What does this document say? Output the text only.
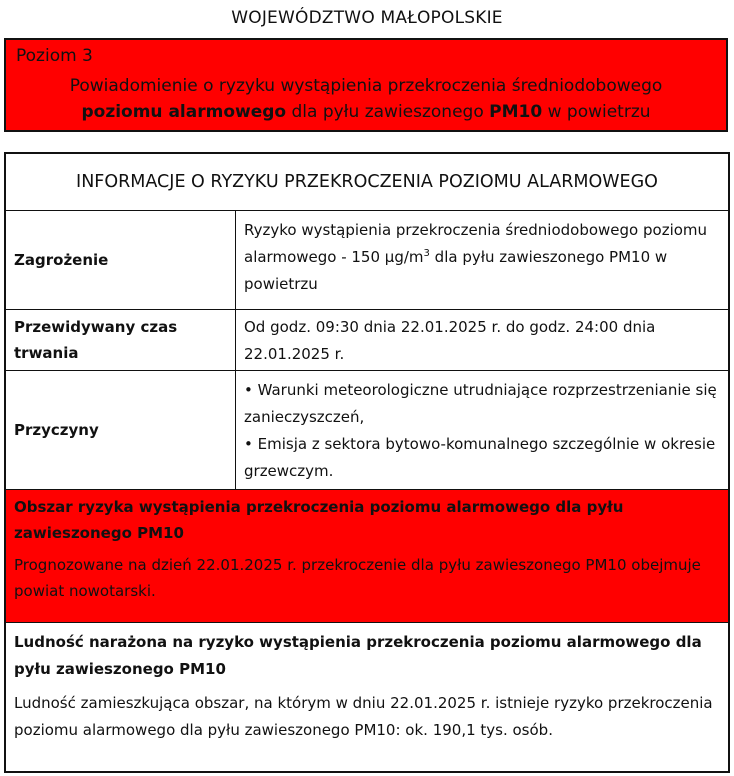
WOJEWÓDZTWO MAŁOPOLSKIE
Poziom 3
Powiadomienie o ryzyku wystąpienia przekroczenia średniodobowego
poziomu alarmowego dla pyłu zawieszonego PM10 w powietrzu
INFORMACJE O RYZYKU PRZEKROCZENIA POZIOMU ALARMOWEGO
Zagrożenie
Ryzyko wystąpienia przekroczenia średniodobowego poziomu alarmowego - 150 $\mu g/m^3$ dla pyłu zawieszonego PM10 w powietrzu
Przewidywany czas trwania
Od godz. 09:30 dnia 22.01.2025 r. do godz. 24:00 dnia 22.01.2025 r.
Przyczyny
• Warunki meteorologiczne utrudniające rozprzestrzenianie się zanieczyszczeń,
• Emisja z sektora bytowo-komunalnego szczególnie w okresie grzewczym.
Obszar ryzyka wystąpienia przekroczenia poziomu alarmowego dla pyłu zawieszonego PM10
Prognozowane na dzień 22.01.2025 r. przekroczenie dla pyłu zawieszonego PM10 obejmuje powiat nowotarski.
Ludność narażona na ryzyko wystąpienia przekroczenia poziomu alarmowego dla pyłu zawieszonego PM10
Ludność zamieszkująca obszar, na którym w dniu 22.01.2025 r. istnieje ryzyko przekroczenia poziomu alarmowego dla pyłu zawieszonego PM10: ok. 190,1 tys. osób.
